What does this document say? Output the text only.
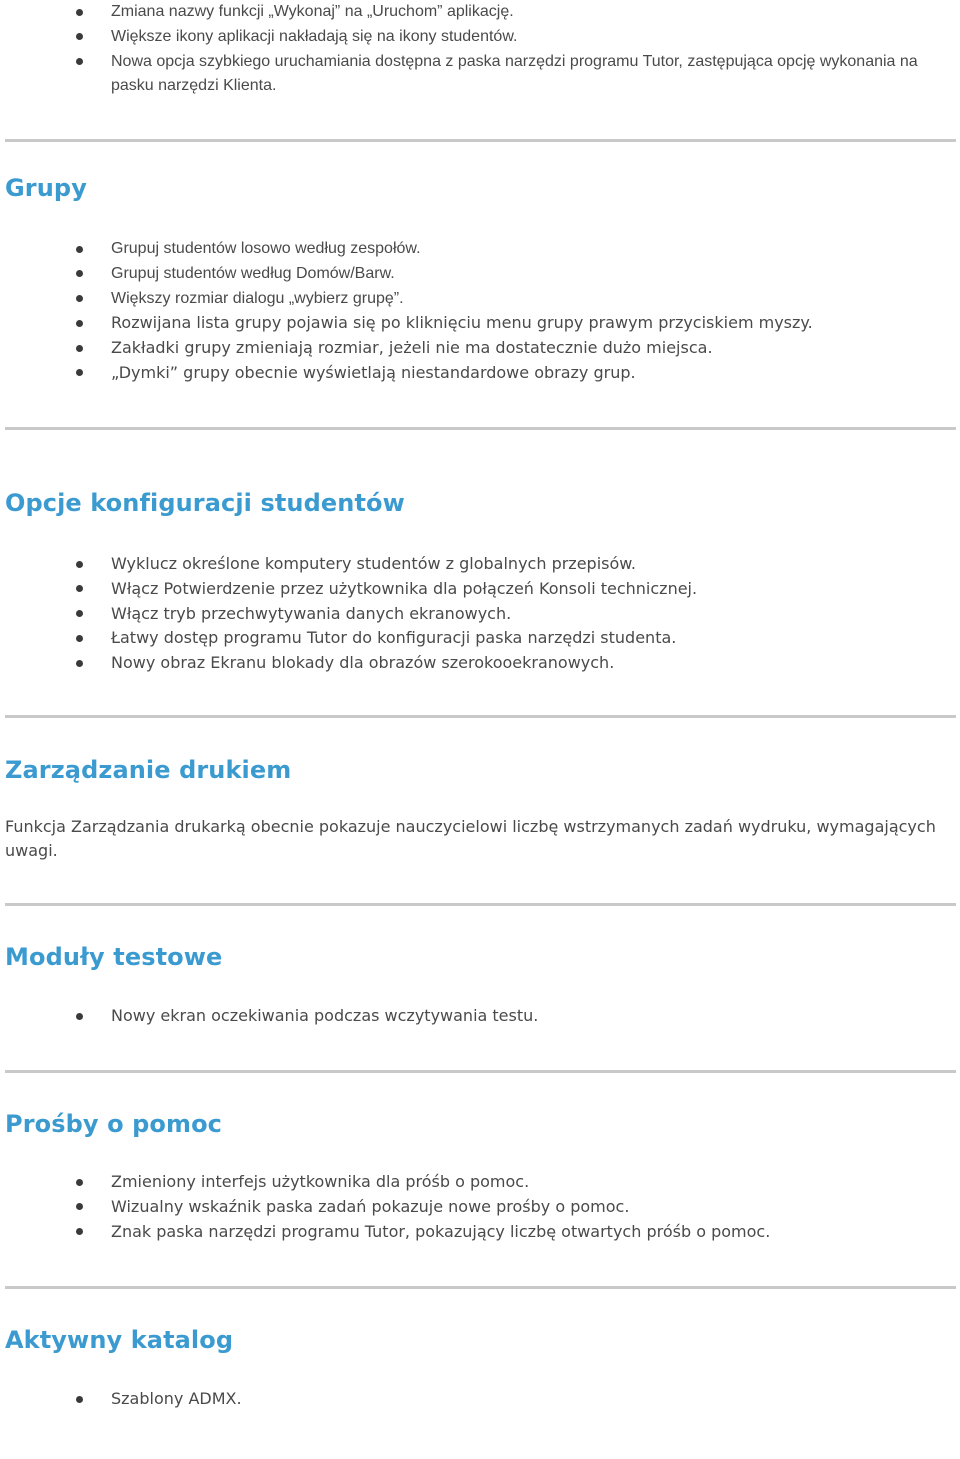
Zmiana nazwy funkcji „Wykonaj” na „Uruchom” aplikację.
Większe ikony aplikacji nakładają się na ikony studentów.
Nowa opcja szybkiego uruchamiania dostępna z paska narzędzi programu Tutor, zastępująca opcję wykonania na pasku narzędzi Klienta.
Grupy
Grupuj studentów losowo według zespołów.
Grupuj studentów według Domów/Barw.
Większy rozmiar dialogu „wybierz grupę”.
Rozwijana lista grupy pojawia się po kliknięciu menu grupy prawym przyciskiem myszy.
Zakładki grupy zmieniają rozmiar, jeżeli nie ma dostatecznie dużo miejsca.
„Dymki” grupy obecnie wyświetlają niestandardowe obrazy grup.
Opcje konfiguracji studentów
Wyklucz określone komputery studentów z globalnych przepisów.
Włącz Potwierdzenie przez użytkownika dla połączeń Konsoli technicznej.
Włącz tryb przechwytywania danych ekranowych.
Łatwy dostęp programu Tutor do konfiguracji paska narzędzi studenta.
Nowy obraz Ekranu blokady dla obrazów szerokooekranowych.
Zarządzanie drukiem

Funkcja Zarządzania drukarką obecnie pokazuje nauczycielowi liczbę wstrzymanych zadań wydruku, wymagających uwagi.

Moduły testowe
Nowy ekran oczekiwania podczas wczytywania testu.
Prośby o pomoc
Zmieniony interfejs użytkownika dla próśb o pomoc.
Wizualny wskaźnik paska zadań pokazuje nowe prośby o pomoc.
Znak paska narzędzi programu Tutor, pokazujący liczbę otwartych próśb o pomoc.
Aktywny katalog
Szablony ADMX.
